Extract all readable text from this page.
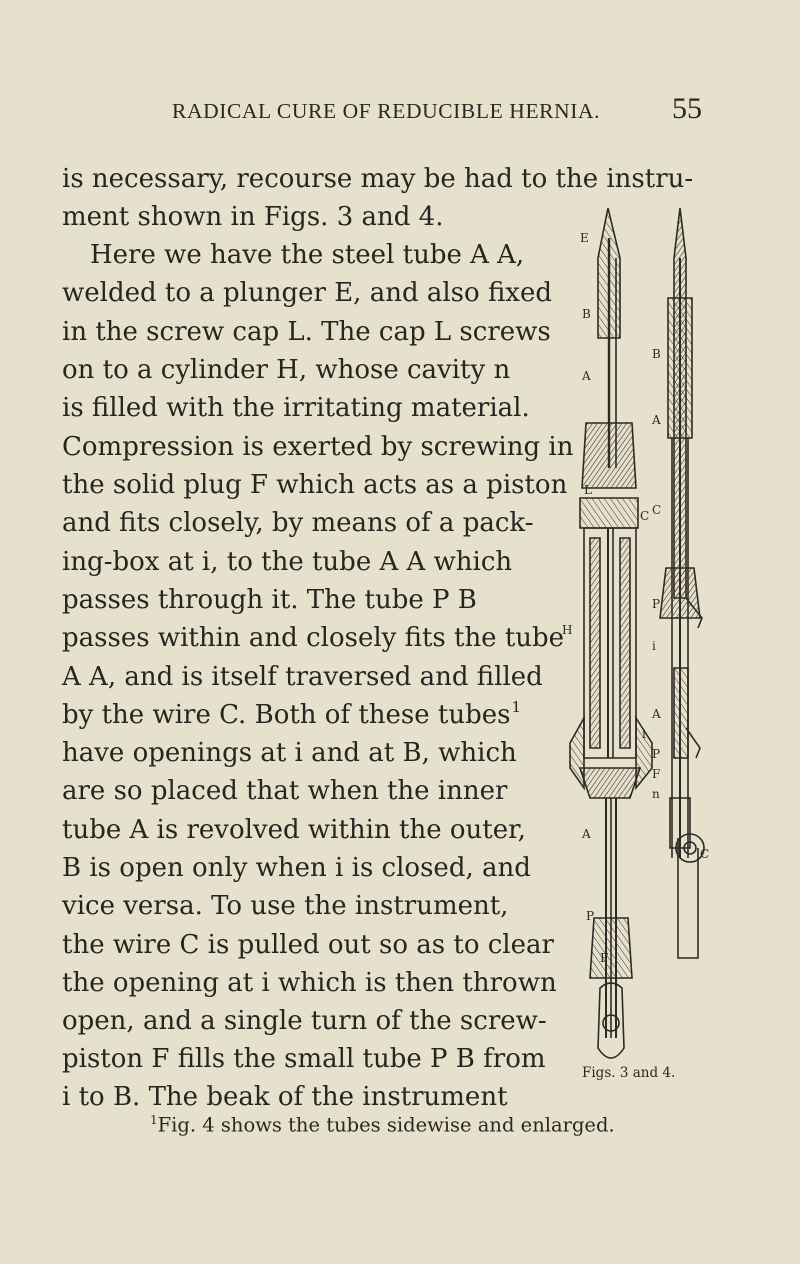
RADICAL CURE OF REDUCIBLE HERNIA. 55

is necessary, recourse may be had to the instru-

ment shown in Figs. 3 and 4.

Here we have the steel tube A A,

welded to a plunger E, and also fixed

in the screw cap L. The cap L screws

on to a cylinder H, whose cavity n

is filled with the irritating material.

Compression is exerted by screwing in

the solid plug F which acts as a piston

and fits closely, by means of a pack-

ing-box at i, to the tube A A which

passes through it. The tube P B

passes within and closely fits the tube

A A, and is itself traversed and filled

by the wire C. Both of these tubes$^1$

have openings at i and at B, which

are so placed that when the inner

tube A is revolved within the outer,

B is open only when i is closed, and

vice versa. To use the instrument,

the wire C is pulled out so as to clear

the opening at i which is then thrown

open, and a single turn of the screw-

piston F fills the small tube P B from

i to B. The beak of the instrument

E
B
A
L
C
H
i
A
P
F
B
A
C
P
i
A
P
F
n
C
Figs. 3 and 4.
$^1$Fig. 4 shows the tubes sidewise and enlarged.
